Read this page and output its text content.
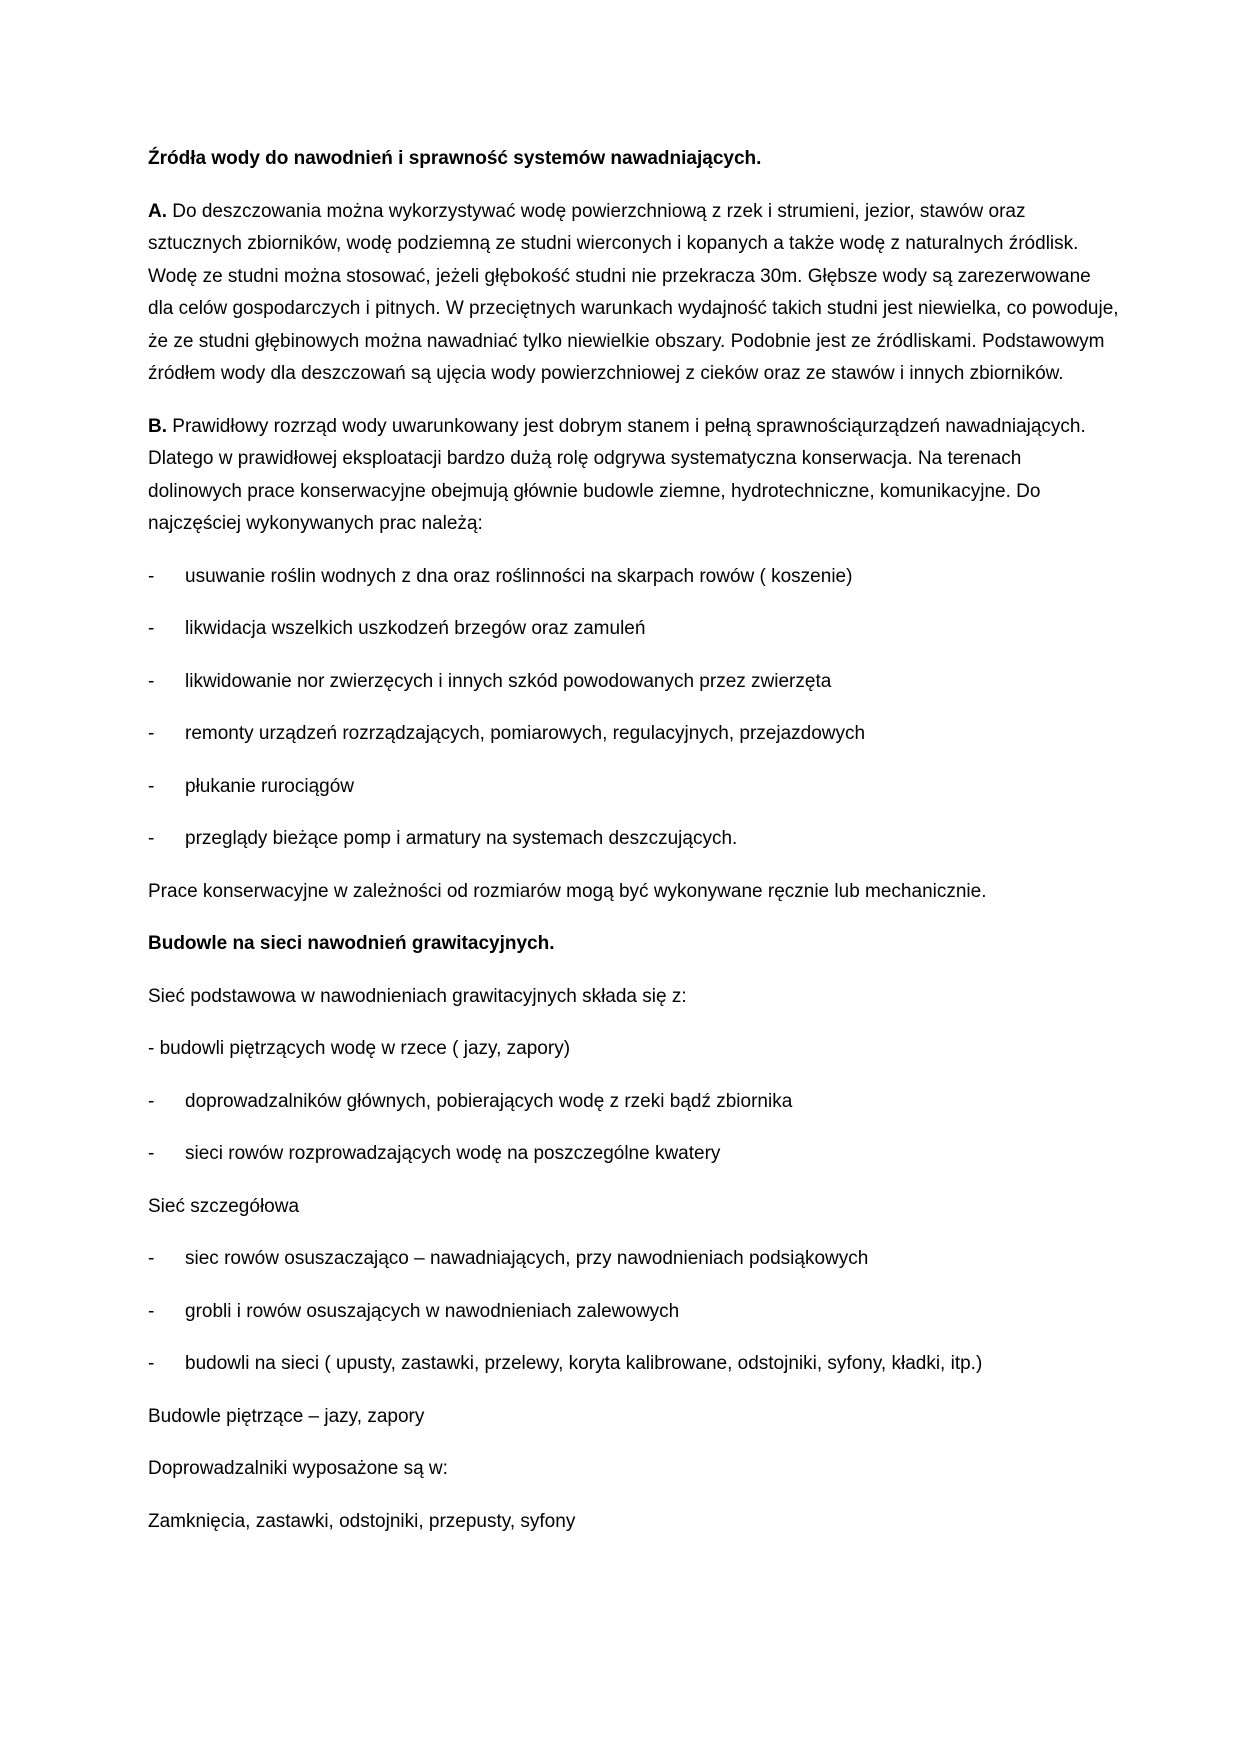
Źródła wody do nawodnień i sprawność systemów nawadniających.

A. Do deszczowania można wykorzystywać wodę powierzchniową z rzek i strumieni, jezior, stawów oraz sztucznych zbiorników, wodę podziemną ze studni wierconych i kopanych a także wodę z naturalnych źródlisk. Wodę ze studni można stosować, jeżeli głębokość studni nie przekracza 30m. Głębsze wody są zarezerwowane dla celów gospodarczych i pitnych. W przeciętnych warunkach wydajność takich studni jest niewielka, co powoduje, że ze studni głębinowych można nawadniać tylko niewielkie obszary. Podobnie jest ze źródliskami. Podstawowym źródłem wody dla deszczowań są ujęcia wody powierzchniowej z cieków oraz ze stawów i innych zbiorników.

B. Prawidłowy rozrząd wody uwarunkowany jest dobrym stanem i pełną sprawnościąurządzeń nawadniających. Dlatego w prawidłowej eksploatacji bardzo dużą rolę odgrywa systematyczna konserwacja. Na terenach dolinowych prace konserwacyjne obejmują głównie budowle ziemne, hydrotechniczne, komunikacyjne. Do najczęściej wykonywanych prac należą:

-	usuwanie roślin wodnych z dna oraz roślinności na skarpach rowów ( koszenie)
-	likwidacja wszelkich uszkodzeń brzegów oraz zamuleń
-	likwidowanie nor zwierzęcych i innych szkód powodowanych przez zwierzęta
-	remonty urządzeń rozrządzających, pomiarowych, regulacyjnych, przejazdowych
-	płukanie rurociągów
-	przeglądy bieżące pomp i armatury na systemach deszczujących.

Prace konserwacyjne w zależności od rozmiarów mogą być wykonywane ręcznie lub mechanicznie.

Budowle na sieci nawodnień grawitacyjnych.

Sieć podstawowa w nawodnieniach grawitacyjnych składa się z:

- budowli piętrzących wodę w rzece ( jazy, zapory)

-	doprowadzalników głównych, pobierających wodę z rzeki bądź zbiornika
-	sieci rowów rozprowadzających wodę na poszczególne kwatery

Sieć szczegółowa

-	siec rowów osuszaczająco – nawadniających, przy nawodnieniach podsiąkowych
-	grobli i rowów osuszających w nawodnieniach zalewowych
-	budowli na sieci ( upusty, zastawki, przelewy, koryta kalibrowane, odstojniki, syfony, kładki, itp.)

Budowle piętrzące – jazy, zapory

Doprowadzalniki wyposażone są w:

Zamknięcia, zastawki, odstojniki, przepusty, syfony
